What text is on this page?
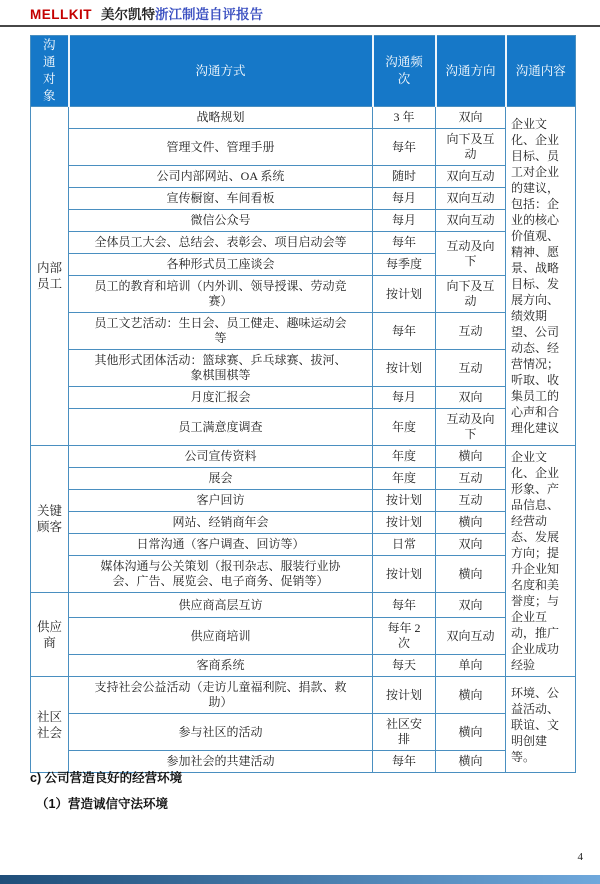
MELLKIT 美尔凯特浙江制造自评报告
沟通对象	沟通方式	沟通频次	沟通方向	沟通内容
内部员工	战略规划	3 年	双向	企业文化、企业目标、员工对企业的建议，包括：企业的核心价值观、精神、愿景、战略目标、发展方向、绩效期望、公司动态、经营情况；听取、收集员工的心声和合理化建议
	管理文件、管理手册	每年	向下及互动	
	公司内部网站、OA 系统	随时	双向互动	
	宣传橱窗、车间看板	每月	双向互动	
	微信公众号	每月	双向互动	
	全体员工大会、总结会、表彰会、项目启动会等	每年	互动及向下	
	各种形式员工座谈会	每季度		
	员工的教育和培训（内外训、领导授课、劳动竞赛）	按计划	向下及互动	
	员工文艺活动：生日会、员工健走、趣味运动会等	每年	互动	
	其他形式团体活动：篮球赛、乒乓球赛、拔河、象棋围棋等	按计划	互动	
	月度汇报会	每月	双向	
	员工满意度调查	年度	互动及向下	
关键顾客	公司宣传资料	年度	横向	企业文化、企业形象、产品信息、经营动态、发展方向；提升企业知名度和美誉度；与企业互动，推广企业成功经验
	展会	年度	互动	
	客户回访	按计划	互动	
	网站、经销商年会	按计划	横向	
	日常沟通（客户调查、回访等）	日常	双向	
	媒体沟通与公关策划（报刊杂志、服装行业协会、广告、展览会、电子商务、促销等）	按计划	横向	
供应商	供应商高层互访	每年	双向	
	供应商培训	每年 2 次	双向互动	
	客商系统	每天	单向	
社区社会	支持社会公益活动（走访儿童福利院、捐款、救助）	按计划	横向	环境、公益活动、联谊、文明创建等。
	参与社区的活动	社区安排	横向	
	参加社会的共建活动	每年	横向	

c) 公司营造良好的经营环境

（1）营造诚信守法环境

4
